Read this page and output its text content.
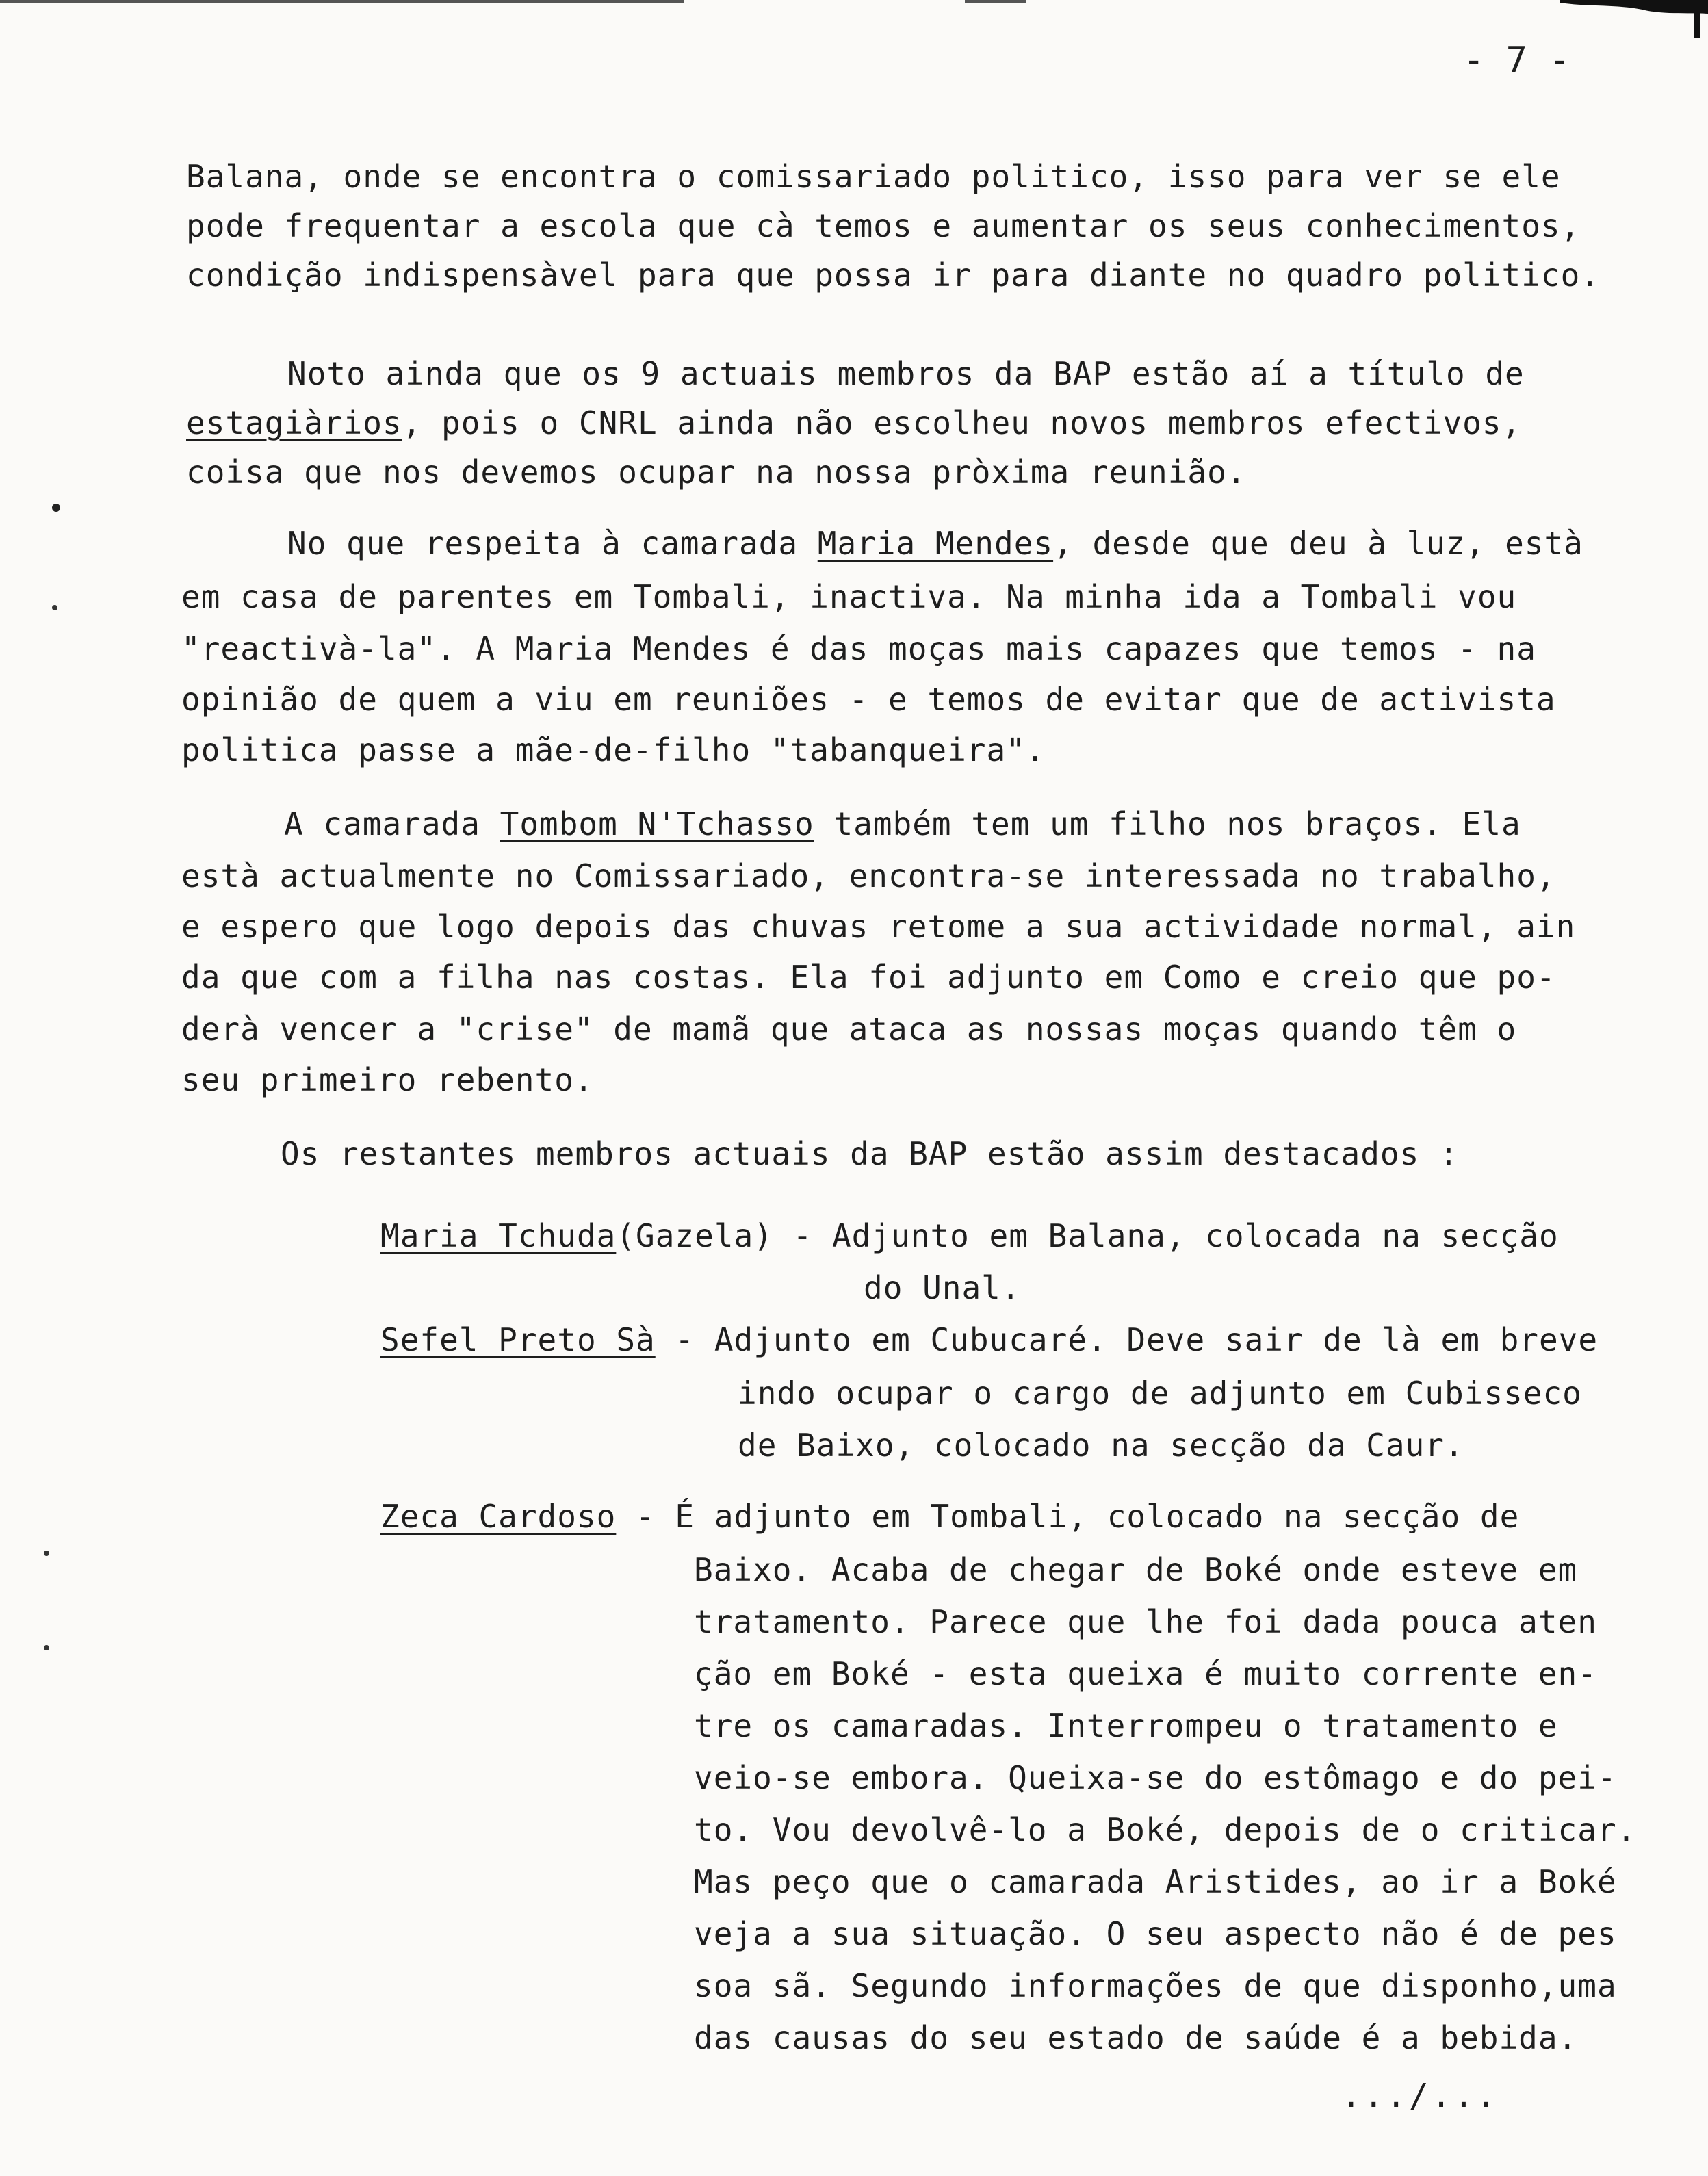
- 7 -
Balana, onde se encontra o comissariado politico, isso para ver se ele
pode frequentar a escola que cà temos e aumentar os seus conhecimentos,
condição indispensàvel para que possa ir para diante no quadro politico.
Noto ainda que os 9 actuais membros da BAP estão aí a título de
estagiàrios, pois o CNRL ainda não escolheu novos membros efectivos,
coisa que nos devemos ocupar na nossa pròxima reunião.
No que respeita à camarada Maria Mendes, desde que deu à luz, està
em casa de parentes em Tombali, inactiva. Na minha ida a Tombali vou
"reactivà-la". A Maria Mendes é das moças mais capazes que temos - na
opinião de quem a viu em reuniões - e temos de evitar que de activista
politica passe a mãe-de-filho "tabanqueira".
A camarada Tombom N'Tchasso também tem um filho nos braços. Ela
està actualmente no Comissariado, encontra-se interessada no trabalho,
e espero que logo depois das chuvas retome a sua actividade normal, ain
da que com a filha nas costas. Ela foi adjunto em Como e creio que po-
derà vencer a "crise" de mamã que ataca as nossas moças quando têm o
seu primeiro rebento.
Os restantes membros actuais da BAP estão assim destacados :
Maria Tchuda(Gazela) - Adjunto em Balana, colocada na secção
do Unal.
Sefel Preto Sà - Adjunto em Cubucaré. Deve sair de là em breve
indo ocupar o cargo de adjunto em Cubisseco
de Baixo, colocado na secção da Caur.
Zeca Cardoso - É adjunto em Tombali, colocado na secção de
Baixo. Acaba de chegar de Boké onde esteve em
tratamento. Parece que lhe foi dada pouca aten
ção em Boké - esta queixa é muito corrente en-
tre os camaradas. Interrompeu o tratamento e
veio-se embora. Queixa-se do estômago e do pei-
to. Vou devolvê-lo a Boké, depois de o criticar.
Mas peço que o camarada Aristides, ao ir a Boké
veja a sua situação. O seu aspecto não é de pes
soa sã. Segundo informações de que disponho,uma
das causas do seu estado de saúde é a bebida.
.../...
